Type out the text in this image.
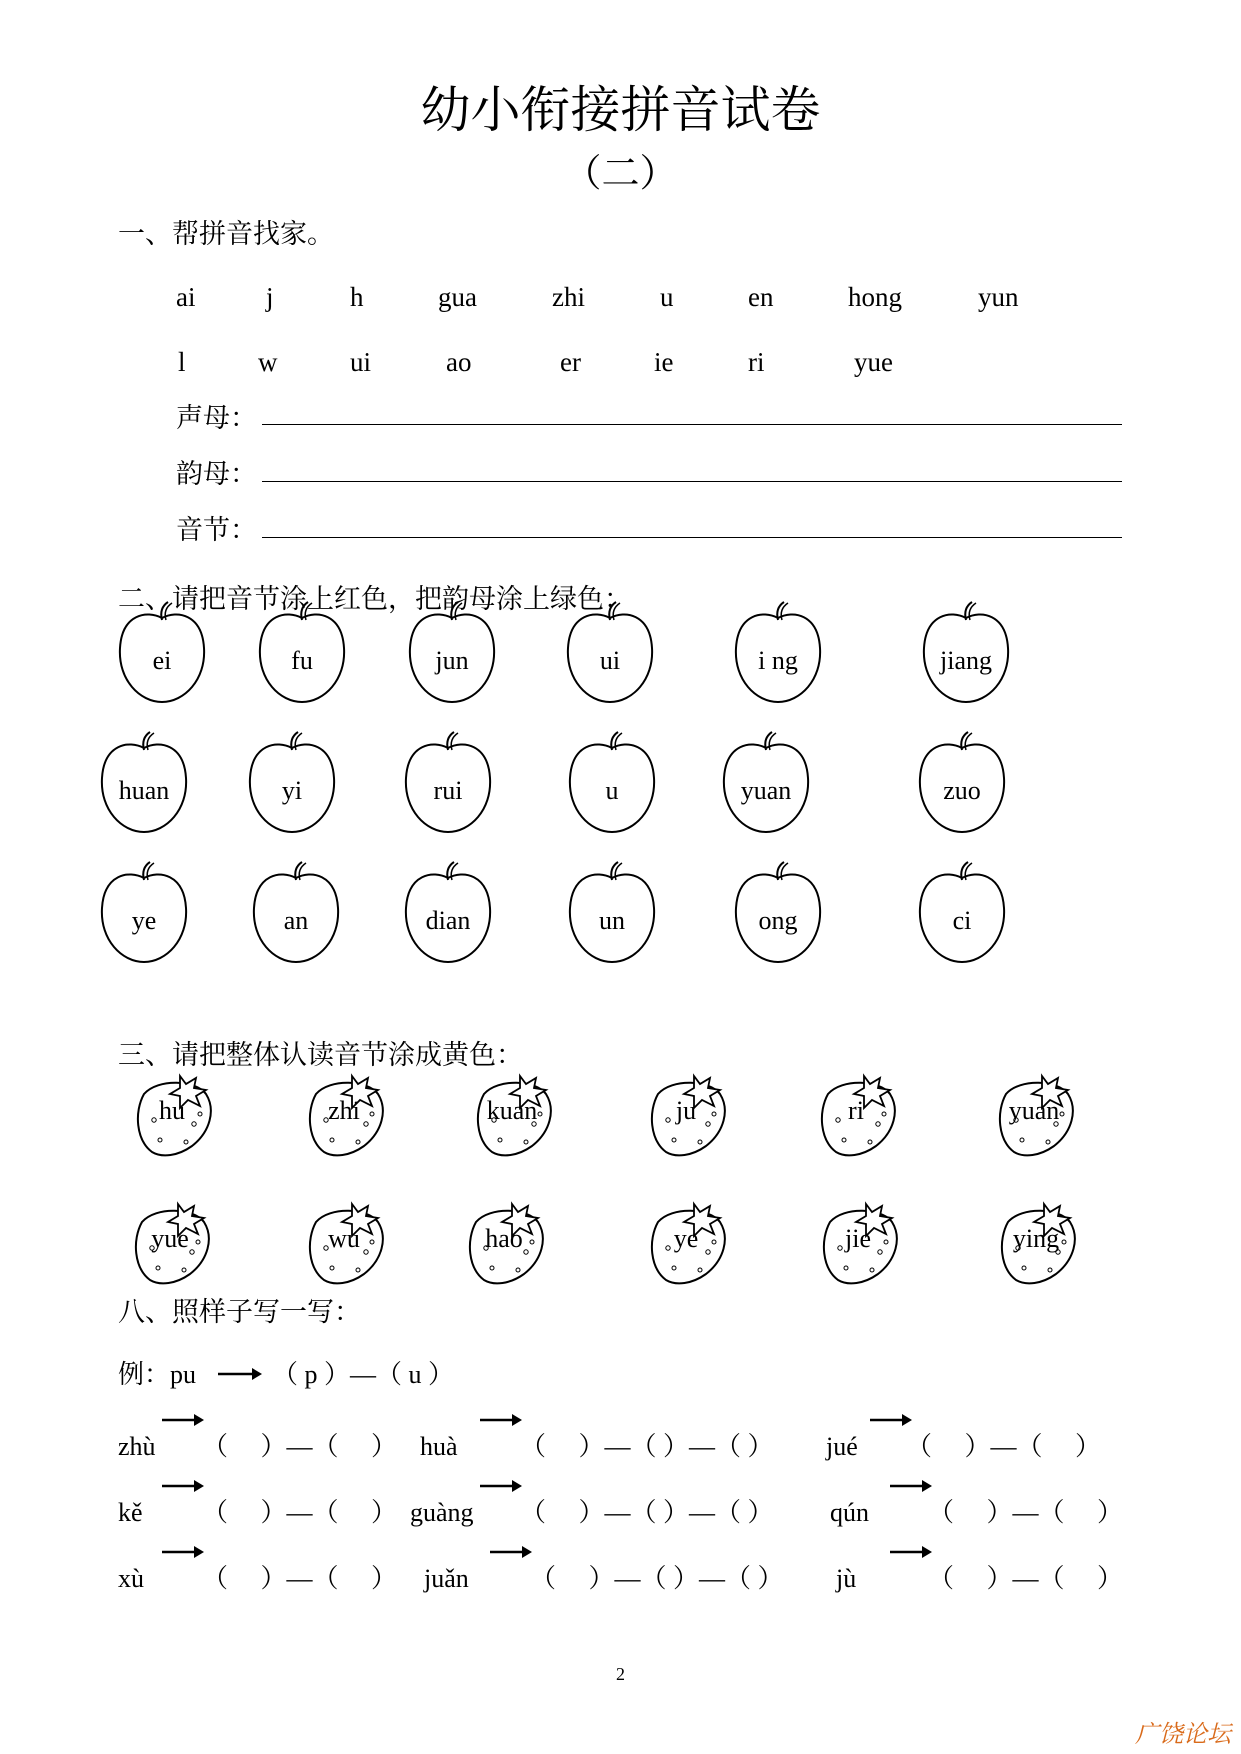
幼小衔接拼音试卷
（二）
一、帮拼音找家。
ai	j	h	gua	zhi	u	en	hong	yun
l	w	ui	ao	er	ie	ri	yue
声母：
韵母：
音节：
二、请把音节涂上红色，把韵母涂上绿色：
ei	fu	jun	ui	i ng	jiang
huan	yi	rui	u	yuan	zuo
ye	an	dian	un	ong	ci
三、请把整体认读音节涂成黄色：
hu	zhi	kuan	ju	ri	yuan
yue	wu	hao	ye	jie	ying
八、照样子写一写：
例：pu	（ p ）—（ u ）
zhù （　 ）—（　 ） huà （　 ）—（ ）—（ ） jué （　 ）—（　 ）
kě （　 ）—（　 ） guàng （　 ）—（ ）—（ ） qún （　 ）—（　 ）
xù （　 ）—（　 ） juǎn （　 ）—（ ）—（ ） jù	（　 ）—（　 ）
2
广饶论坛
